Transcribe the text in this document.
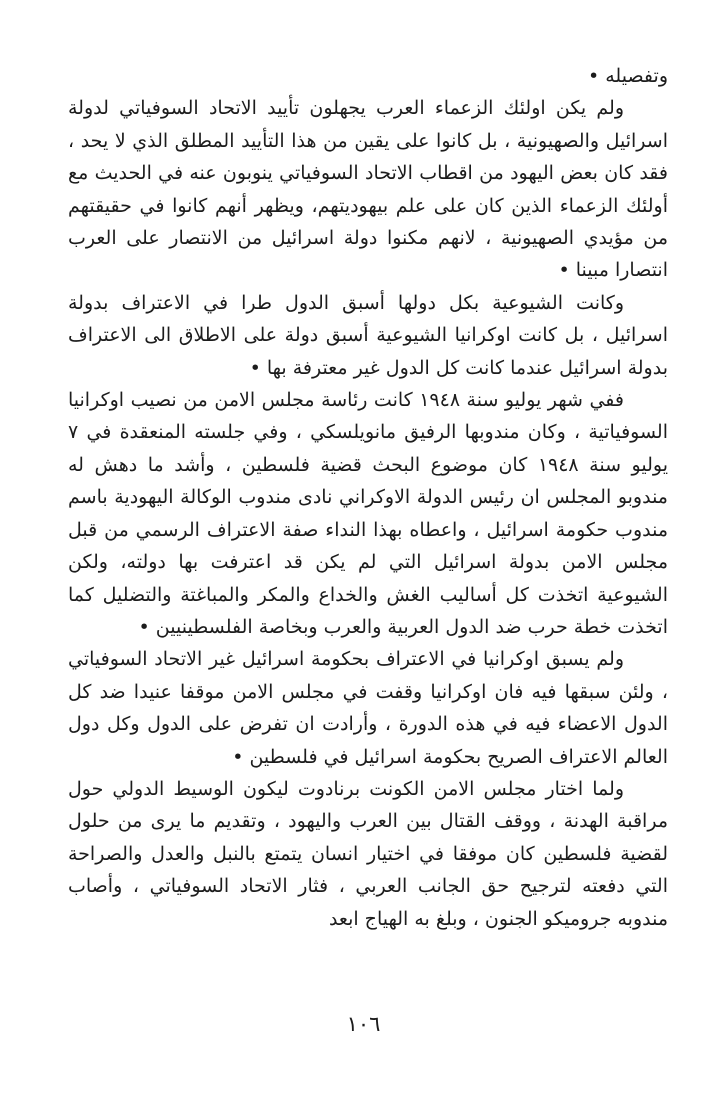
وتفصيله •

ولم يكن اولئك الزعماء العرب يجهلون تأييد الاتحاد السوفياتي لدولة اسرائيل والصهيونية ، بل كانوا على يقين من هذا التأييد المطلق الذي لا يحد ، فقد كان بعض اليهود من اقطاب الاتحاد السوفياتي ينوبون عنه في الحديث مع أولئك الزعماء الذين كان على علم بيهوديتهم، ويظهر أنهم كانوا في حقيقتهم من مؤيدي الصهيونية ، لانهم مكنوا دولة اسرائيل من الانتصار على العرب انتصارا مبينا •

وكانت الشيوعية بكل دولها أسبق الدول طرا في الاعتراف بدولة اسرائيل ، بل كانت اوكرانيا الشيوعية أسبق دولة على الاطلاق الى الاعتراف بدولة اسرائيل عندما كانت كل الدول غير معترفة بها •

ففي شهر يوليو سنة ١٩٤٨ كانت رئاسة مجلس الامن من نصيب اوكرانيا السوفياتية ، وكان مندوبها الرفيق مانويلسكي ، وفي جلسته المنعقدة في ٧ يوليو سنة ١٩٤٨ كان موضوع البحث قضية فلسطين ، وأشد ما دهش له مندوبو المجلس ان رئيس الدولة الاوكراني نادى مندوب الوكالة اليهودية باسم مندوب حكومة اسرائيل ، واعطاه بهذا النداء صفة الاعتراف الرسمي من قبل مجلس الامن بدولة اسرائيل التي لم يكن قد اعترفت بها دولته، ولكن الشيوعية اتخذت كل أساليب الغش والخداع والمكر والمباغتة والتضليل كما اتخذت خطة حرب ضد الدول العربية والعرب وبخاصة الفلسطينيين •

ولم يسبق اوكرانيا في الاعتراف بحكومة اسرائيل غير الاتحاد السوفياتي ، ولئن سبقها فيه فان اوكرانيا وقفت في مجلس الامن موقفا عنيدا ضد كل الدول الاعضاء فيه في هذه الدورة ، وأرادت ان تفرض على الدول وكل دول العالم الاعتراف الصريح بحكومة اسرائيل في فلسطين •

ولما اختار مجلس الامن الكونت برنادوت ليكون الوسيط الدولي حول مراقبة الهدنة ، ووقف القتال بين العرب واليهود ، وتقديم ما يرى من حلول لقضية فلسطين كان موفقا في اختيار انسان يتمتع بالنبل والعدل والصراحة التي دفعته لترجيح حق الجانب العربي ، فثار الاتحاد السوفياتي ، وأصاب مندوبه جروميكو الجنون ، وبلغ به الهياج ابعد

١٠٦
